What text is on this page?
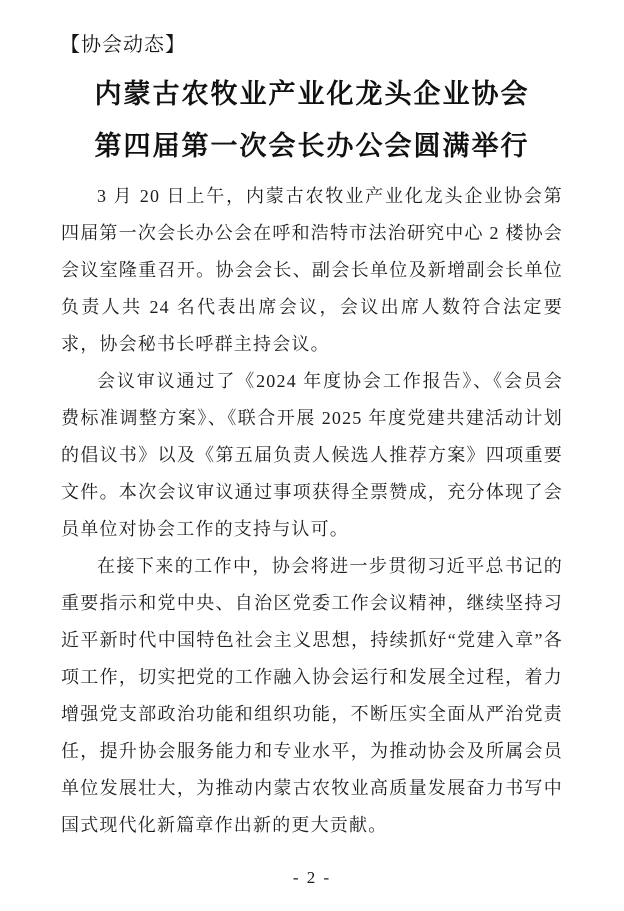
【协会动态】
内蒙古农牧业产业化龙头企业协会
第四届第一次会长办公会圆满举行

3 月 20 日上午，内蒙古农牧业产业化龙头企业协会第四届第一次会长办公会在呼和浩特市法治研究中心 2 楼协会会议室隆重召开。协会会长、副会长单位及新增副会长单位负责人共 24 名代表出席会议，会议出席人数符合法定要求，协会秘书长呼群主持会议。

会议审议通过了《2024 年度协会工作报告》、《会员会费标准调整方案》、《联合开展 2025 年度党建共建活动计划的倡议书》以及《第五届负责人候选人推荐方案》四项重要文件。本次会议审议通过事项获得全票赞成，充分体现了会员单位对协会工作的支持与认可。

在接下来的工作中，协会将进一步贯彻习近平总书记的重要指示和党中央、自治区党委工作会议精神，继续坚持习近平新时代中国特色社会主义思想，持续抓好“党建入章”各项工作，切实把党的工作融入协会运行和发展全过程，着力增强党支部政治功能和组织功能，不断压实全面从严治党责任，提升协会服务能力和专业水平，为推动协会及所属会员单位发展壮大，为推动内蒙古农牧业高质量发展奋力书写中国式现代化新篇章作出新的更大贡献。

- 2 -
